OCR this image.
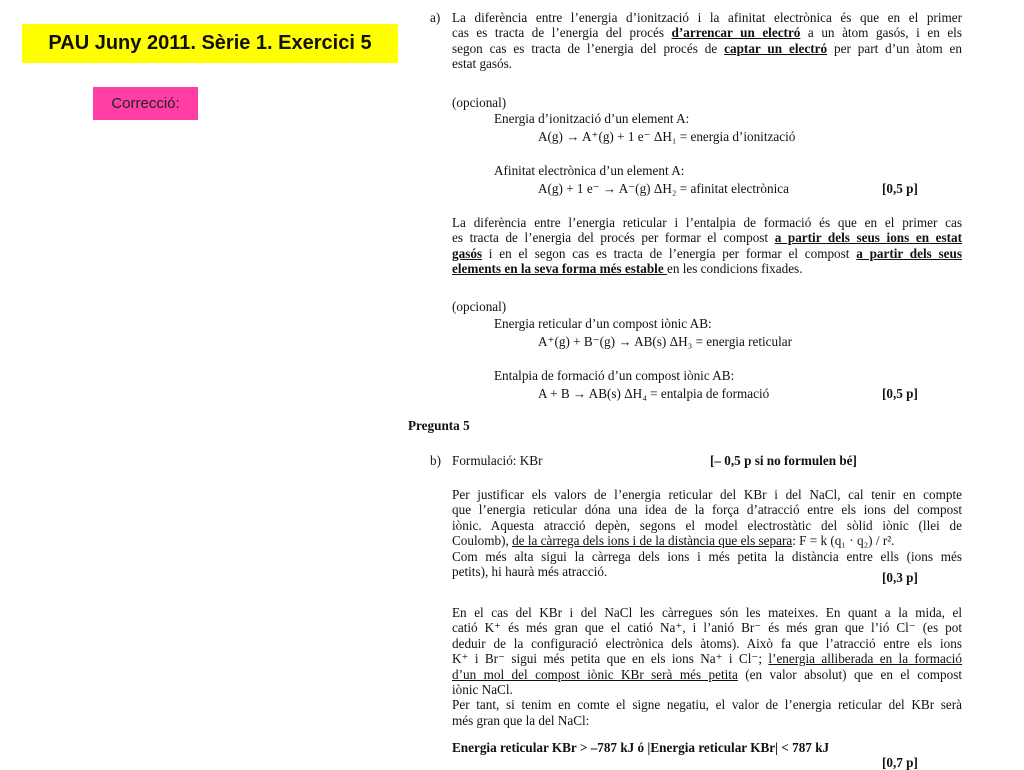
PAU Juny 2011. Sèrie 1. Exercici 5
Correcció:
a) La diferència entre l’energia d’ionització i la afinitat electrònica és que en el primer
cas es tracta de l’energia del procés d’arrencar un electró a un àtom gasós, i en els
segon cas es tracta de l’energia del procés de captar un electró per part d’un àtom en
estat gasós.
(opcional)
Energia d’ionització d’un element A:
A(g) → A⁺(g) + 1 e⁻ ΔH₁ = energia d’ionització
Afinitat electrònica d’un element A:
A(g) + 1 e⁻ → A⁻(g) ΔH₂ = afinitat electrònica	[0,5 p]
La diferència entre l’energia reticular i l’entalpia de formació és que en el primer cas
es tracta de l’energia del procés per formar el compost a partir dels seus ions en estat
gasós i en el segon cas es tracta de l’energia per formar el compost a partir dels seus
elements en la seva forma més estable en les condicions fixades.
(opcional)
Energia reticular d’un compost iònic AB:
A⁺(g) + B⁻(g) → AB(s) ΔH₃ = energia reticular
Entalpia de formació d’un compost iònic AB:
A + B → AB(s) ΔH₄ = entalpia de formació	[0,5 p]
Pregunta 5
b) Formulació: KBr	[– 0,5 p si no formulen bé]
Per justificar els valors de l’energia reticular del KBr i del NaCl, cal tenir en compte
que l’energia reticular dóna una idea de la força d’atracció entre els ions del compost
iònic. Aquesta atracció depèn, segons el model electrostàtic del sòlid iònic (llei de
Coulomb), de la càrrega dels ions i de la distància que els separa: F = k (q₁ · q₂) / r².
Com més alta sigui la càrrega dels ions i més petita la distància entre ells (ions més
petits), hi haurà més atracció.	[0,3 p]
En el cas del KBr i del NaCl les càrregues són les mateixes. En quant a la mida, el
catió K⁺ és més gran que el catió Na⁺, i l’anió Br⁻ és més gran que l’ió Cl⁻ (es pot
deduir de la configuració electrònica dels àtoms). Això fa que l’atracció entre els ions
K⁺ i Br⁻ sigui més petita que en els ions Na⁺ i Cl⁻; l’energia alliberada en la formació
d’un mol del compost iònic KBr serà més petita (en valor absolut) que en el compost
iònic NaCl.
Per tant, si tenim en comte el signe negatiu, el valor de l’energia reticular del KBr serà
més gran que la del NaCl:
Energia reticular KBr > –787 kJ ó |Energia reticular KBr| < 787 kJ
[0,7 p]
